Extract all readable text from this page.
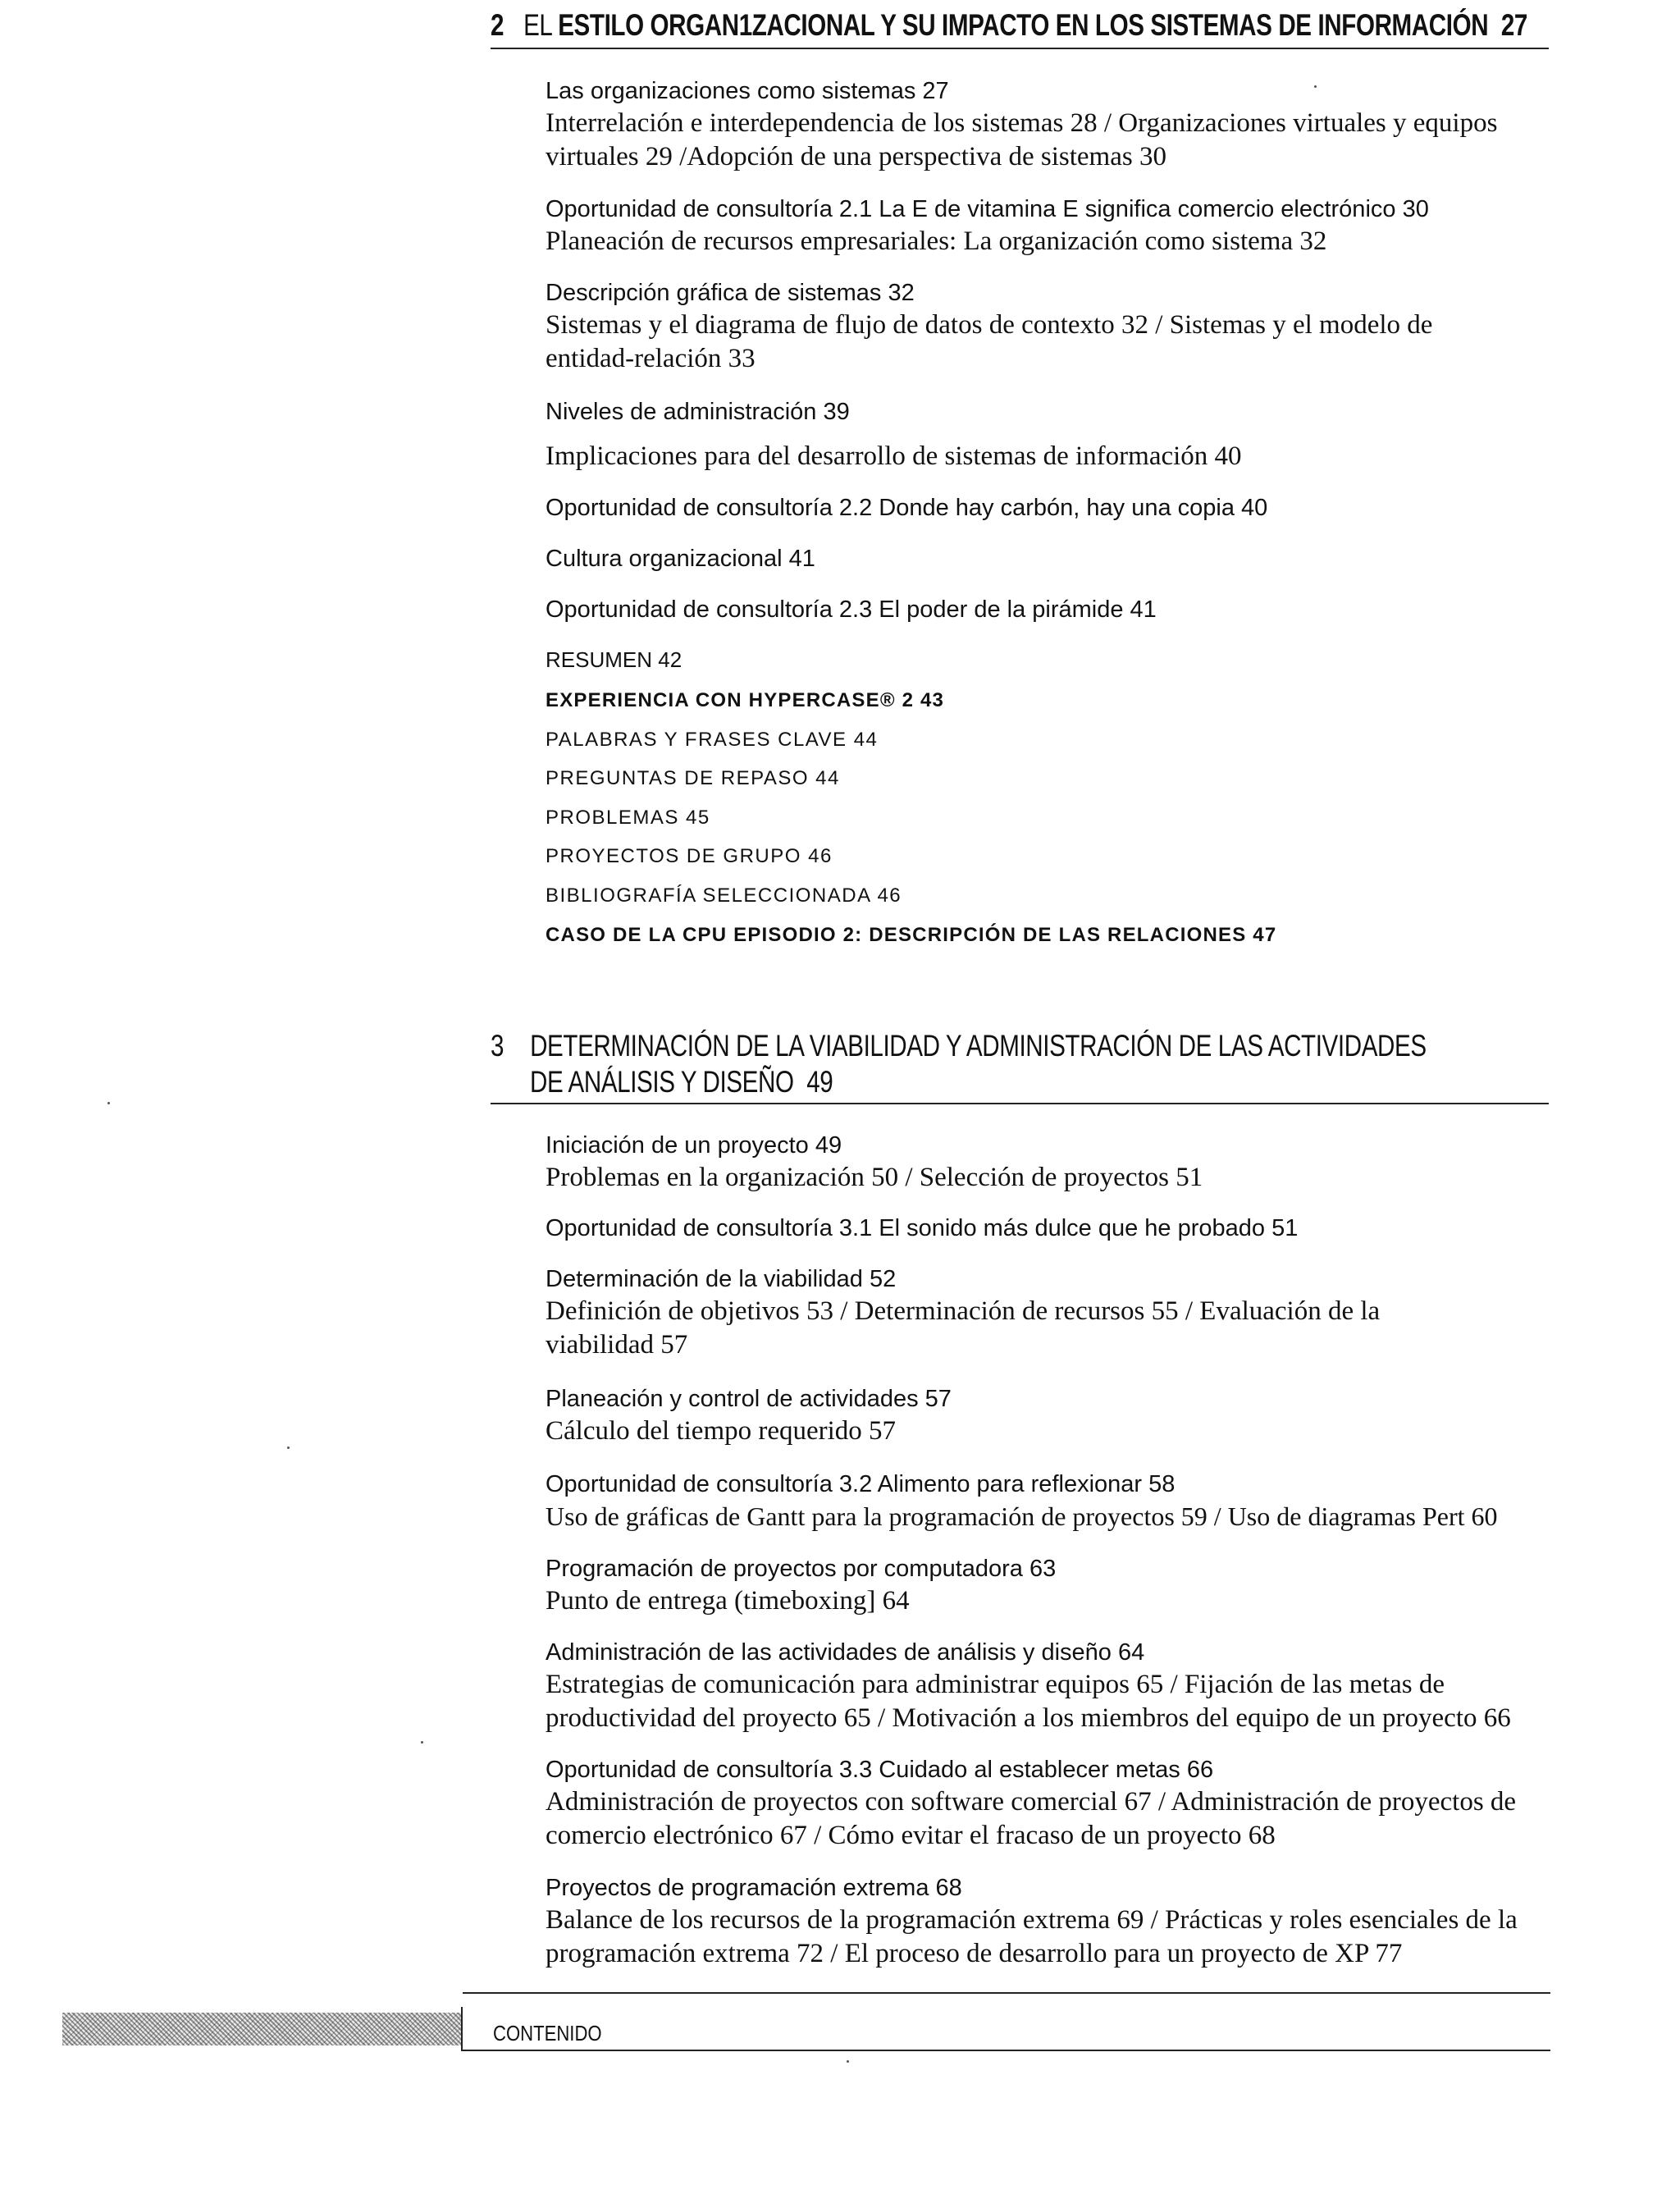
2 EL ESTILO ORGAN1ZACIONAL Y SU IMPACTO EN LOS SISTEMAS DE INFORMACIÓN 27
Las organizaciones como sistemas 27
Interrelación e interdependencia de los sistemas 28 / Organizaciones virtuales y equipos virtuales 29 /Adopción de una perspectiva de sistemas 30
Oportunidad de consultoría 2.1 La E de vitamina E significa comercio electrónico 30
Planeación de recursos empresariales: La organización como sistema 32
Descripción gráfica de sistemas 32
Sistemas y el diagrama de flujo de datos de contexto 32 / Sistemas y el modelo de entidad-relación 33
Niveles de administración 39
Implicaciones para del desarrollo de sistemas de información 40
Oportunidad de consultoría 2.2 Donde hay carbón, hay una copia 40
Cultura organizacional 41
Oportunidad de consultoría 2.3 El poder de la pirámide 41
RESUMEN 42
EXPERIENCIA CON HYPERCASE® 2 43
PALABRAS Y FRASES CLAVE 44
PREGUNTAS DE REPASO 44
PROBLEMAS 45
PROYECTOS DE GRUPO 46
BIBLIOGRAFÍA SELECCIONADA 46
CASO DE LA CPU EPISODIO 2: DESCRIPCIÓN DE LAS RELACIONES 47
3 DETERMINACIÓN DE LA VIABILIDAD Y ADMINISTRACIÓN DE LAS ACTIVIDADES
DE ANÁLISIS Y DISEÑO 49
Iniciación de un proyecto 49
Problemas en la organización 50 / Selección de proyectos 51
Oportunidad de consultoría 3.1 El sonido más dulce que he probado 51
Determinación de la viabilidad 52
Definición de objetivos 53 / Determinación de recursos 55 / Evaluación de la viabilidad 57
Planeación y control de actividades 57
Cálculo del tiempo requerido 57
Oportunidad de consultoría 3.2 Alimento para reflexionar 58
Uso de gráficas de Gantt para la programación de proyectos 59 / Uso de diagramas Pert 60
Programación de proyectos por computadora 63
Punto de entrega (timeboxing] 64
Administración de las actividades de análisis y diseño 64
Estrategias de comunicación para administrar equipos 65 / Fijación de las metas de productividad del proyecto 65 / Motivación a los miembros del equipo de un proyecto 66
Oportunidad de consultoría 3.3 Cuidado al establecer metas 66
Administración de proyectos con software comercial 67 / Administración de proyectos de comercio electrónico 67 / Cómo evitar el fracaso de un proyecto 68
Proyectos de programación extrema 68
Balance de los recursos de la programación extrema 69 / Prácticas y roles esenciales de la programación extrema 72 / El proceso de desarrollo para un proyecto de XP 77
CONTENIDO
